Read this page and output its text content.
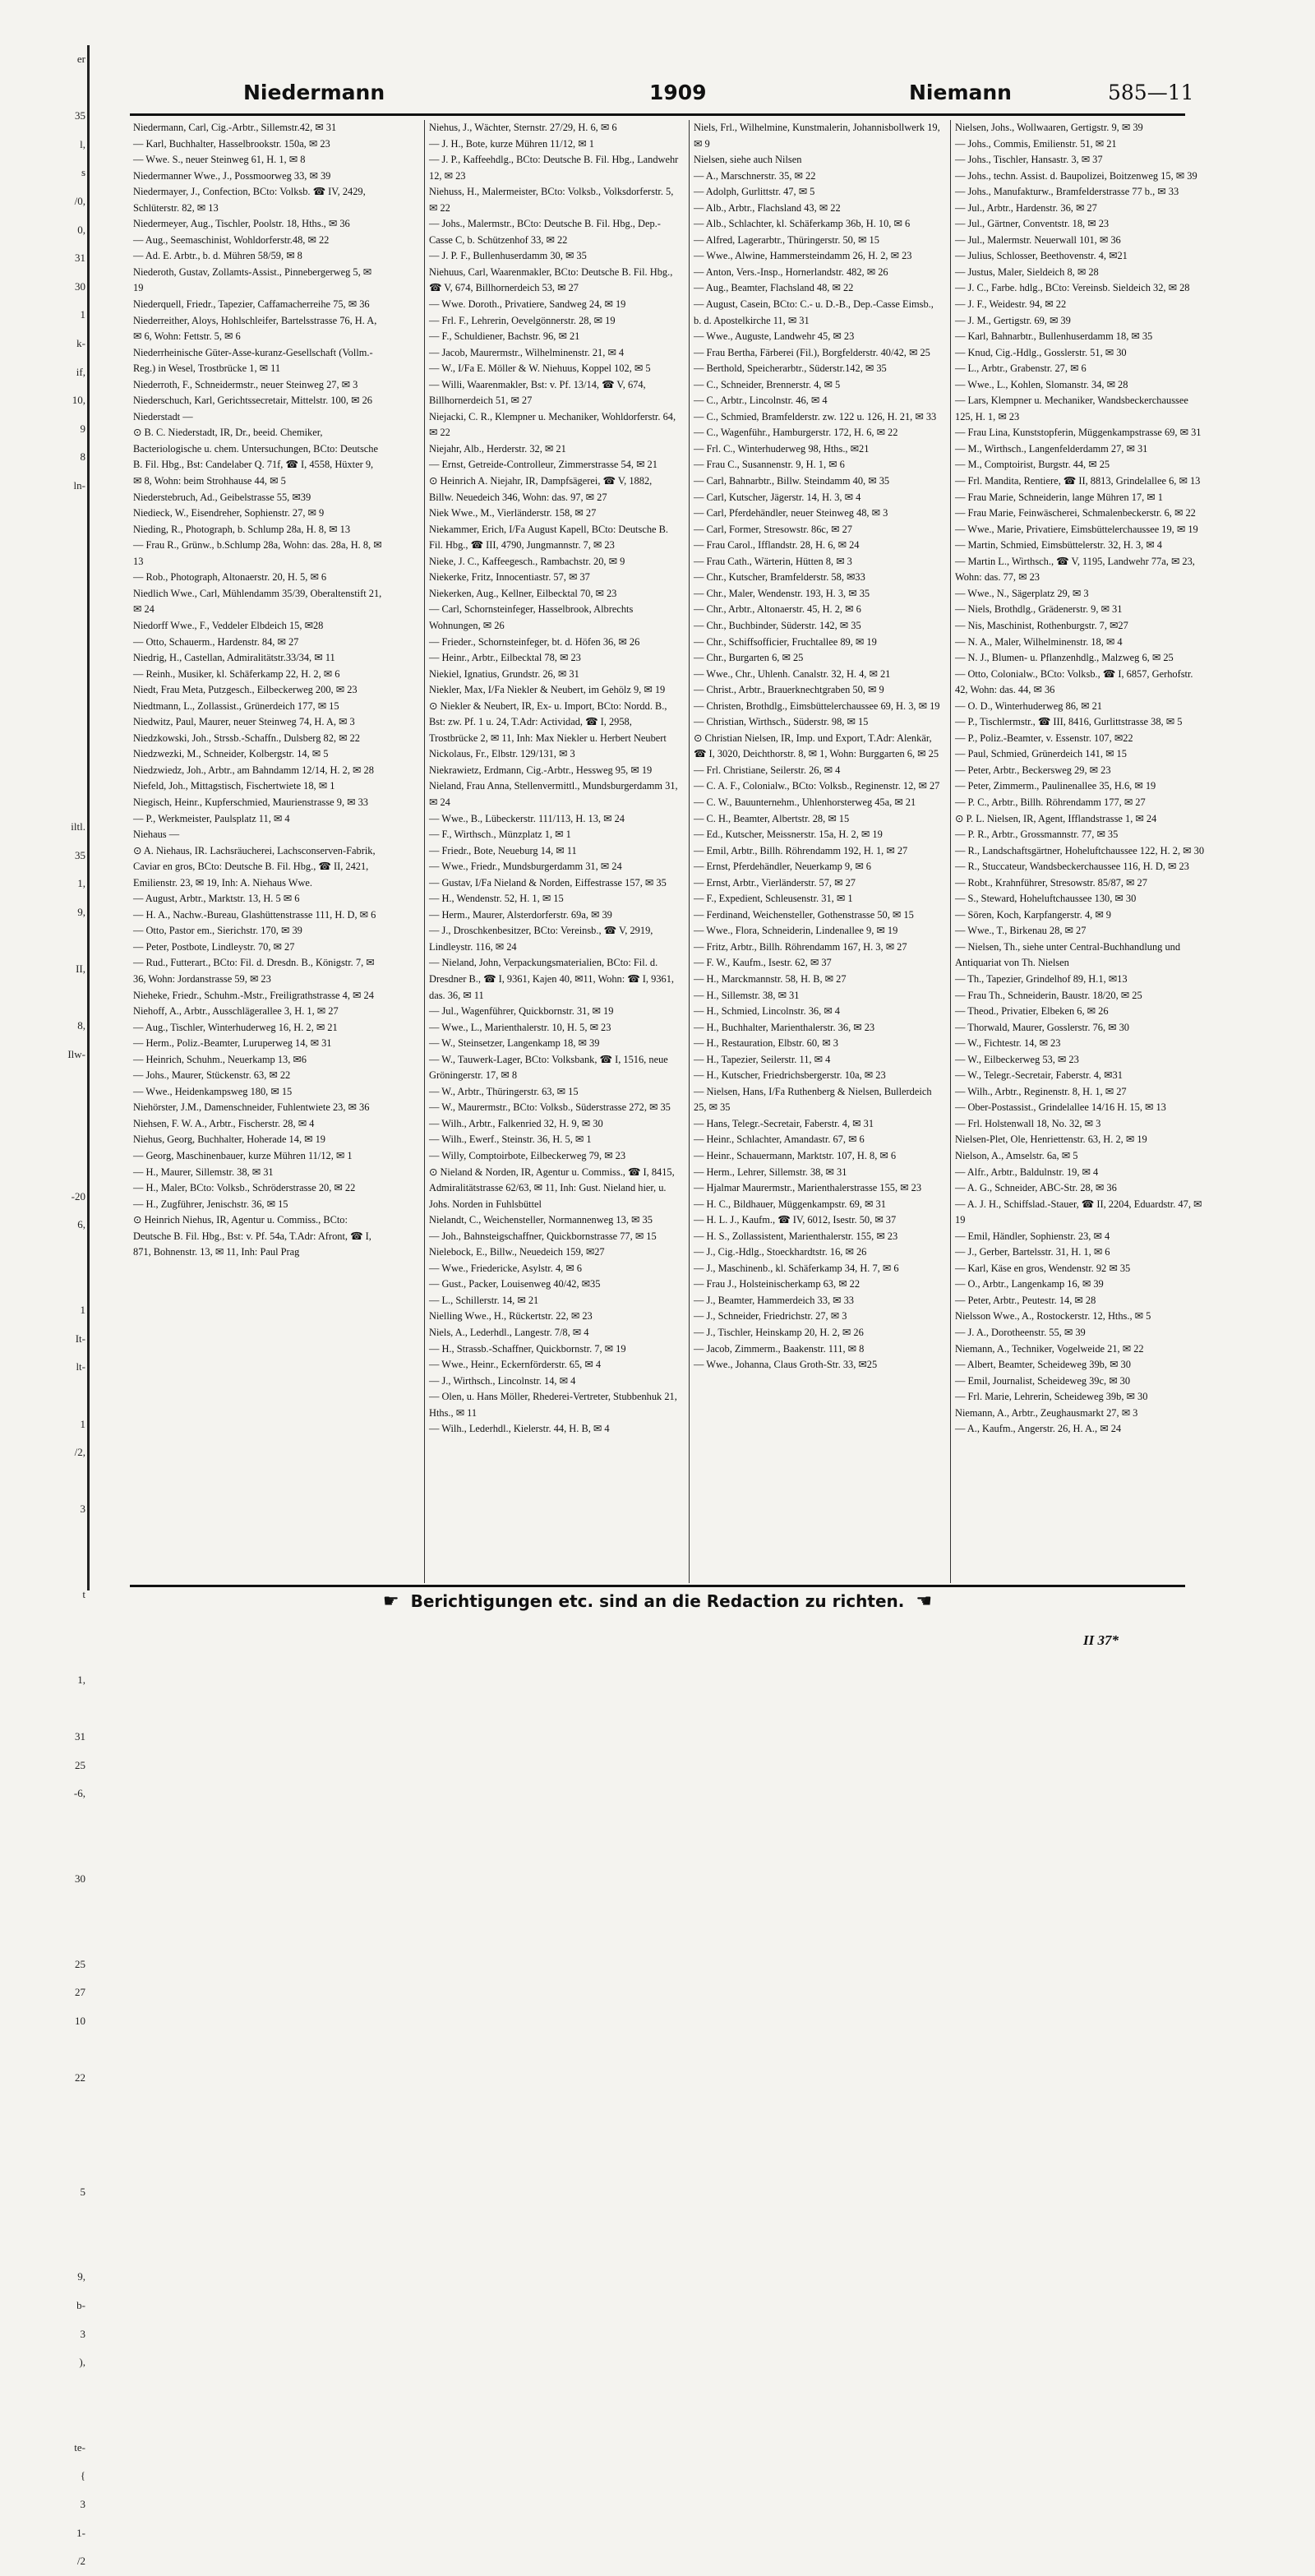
er

35
l,
s
/0,
0,
31
30
1
k-
if,
10,
9
8
ln-

iltl.
35
1,
9,

II,

8,
Ilw-

-20
6,

1
It-
lt-

1
/2,

3

t

1,

31
25
-6,

30

25
27
10

22

5

9,
b-
3
),

te-
{
3
1-
/2
Niedermann	1909	Niemann	585—11
Niedermann, Carl, Cig.-Arbtr., Sillemstr.42, ✉ 31
— Karl, Buchhalter, Hasselbrookstr. 150a, ✉ 23
— Wwe. S., neuer Steinweg 61, H. 1, ✉ 8
Niedermanner Wwe., J., Possmoorweg 33, ✉ 39
Niedermayer, J., Confection, BCto: Volksb. ☎ IV, 2429, Schlüterstr. 82, ✉ 13
Niedermeyer, Aug., Tischler, Poolstr. 18, Hths., ✉ 36
— Aug., Seemaschinist, Wohldorferstr.48, ✉ 22
— Ad. E. Arbtr., b. d. Mühren 58/59, ✉ 8
Niederoth, Gustav, Zollamts-Assist., Pinnebergerweg 5, ✉ 19
Niederquell, Friedr., Tapezier, Caffamacherreihe 75, ✉ 36
Niederreither, Aloys, Hohlschleifer, Bartelsstrasse 76, H. A, ✉ 6, Wohn: Fettstr. 5, ✉ 6
Niederrheinische Güter-Asse-kuranz-Gesellschaft (Vollm.-Reg.) in Wesel, Trostbrücke 1, ✉ 11
Niederroth, F., Schneidermstr., neuer Steinweg 27, ✉ 3
Niederschuch, Karl, Gerichtssecretair, Mittelstr. 100, ✉ 26
Niederstadt —
⊙ B. C. Niederstadt, IR, Dr., beeid. Chemiker, Bacteriologische u. chem. Untersuchungen, BCto: Deutsche B. Fil. Hbg., Bst: Candelaber Q. 71f, ☎ I, 4558, Hüxter 9, ✉ 8, Wohn: beim Strohhause 44, ✉ 5
Niederstebruch, Ad., Geibelstrasse 55, ✉39
Niedieck, W., Eisendreher, Sophienstr. 27, ✉ 9
Nieding, R., Photograph, b. Schlump 28a, H. 8, ✉ 13
— Frau R., Grünw., b.Schlump 28a, Wohn: das. 28a, H. 8, ✉ 13
— Rob., Photograph, Altonaerstr. 20, H. 5, ✉ 6
Niedlich Wwe., Carl, Mühlendamm 35/39, Oberaltenstift 21, ✉ 24
Niedorff Wwe., F., Veddeler Elbdeich 15, ✉28
— Otto, Schauerm., Hardenstr. 84, ✉ 27
Niedrig, H., Castellan, Admiralitätstr.33/34, ✉ 11
— Reinh., Musiker, kl. Schäferkamp 22, H. 2, ✉ 6
Niedt, Frau Meta, Putzgesch., Eilbeckerweg 200, ✉ 23
Niedtmann, L., Zollassist., Grünerdeich 177, ✉ 15
Niedwitz, Paul, Maurer, neuer Steinweg 74, H. A, ✉ 3
Niedzkowski, Joh., Strssb.-Schaffn., Dulsberg 82, ✉ 22
Niedzwezki, M., Schneider, Kolbergstr. 14, ✉ 5
Niedzwiedz, Joh., Arbtr., am Bahndamm 12/14, H. 2, ✉ 28
Niefeld, Joh., Mittagstisch, Fischertwiete 18, ✉ 1
Niegisch, Heinr., Kupferschmied, Maurienstrasse 9, ✉ 33
— P., Werkmeister, Paulsplatz 11, ✉ 4
Niehaus —
⊙ A. Niehaus, IR. Lachsräucherei, Lachsconserven-Fabrik, Caviar en gros, BCto: Deutsche B. Fil. Hbg., ☎ II, 2421, Emilienstr. 23, ✉ 19, Inh: A. Niehaus Wwe.
— August, Arbtr., Marktstr. 13, H. 5 ✉ 6
— H. A., Nachw.-Bureau, Glashüttenstrasse 111, H. D, ✉ 6
— Otto, Pastor em., Sierichstr. 170, ✉ 39
— Peter, Postbote, Lindleystr. 70, ✉ 27
— Rud., Futterart., BCto: Fil. d. Dresdn. B., Königstr. 7, ✉ 36, Wohn: Jordanstrasse 59, ✉ 23
Nieheke, Friedr., Schuhm.-Mstr., Freiligrathstrasse 4, ✉ 24
Niehoff, A., Arbtr., Ausschlägerallee 3, H. 1, ✉ 27
— Aug., Tischler, Winterhuderweg 16, H. 2, ✉ 21
— Herm., Poliz.-Beamter, Luruperweg 14, ✉ 31
— Heinrich, Schuhm., Neuerkamp 13, ✉6
— Johs., Maurer, Stückenstr. 63, ✉ 22
— Wwe., Heidenkampsweg 180, ✉ 15
Niehörster, J.M., Damenschneider, Fuhlentwiete 23, ✉ 36
Niehsen, F. W. A., Arbtr., Fischerstr. 28, ✉ 4
Niehus, Georg, Buchhalter, Hoheradе 14, ✉ 19
— Georg, Maschinenbauer, kurze Mühren 11/12, ✉ 1
— H., Maurer, Sillemstr. 38, ✉ 31
— H., Maler, BCto: Volksb., Schröderstrasse 20, ✉ 22
— H., Zugführer, Jenischstr. 36, ✉ 15
⊙ Heinrich Niehus, IR, Agentur u. Commiss., BCto: Deutsche B. Fil. Hbg., Bst: v. Pf. 54a, T.Adr: Afront, ☎ I, 871, Bohnenstr. 13, ✉ 11, Inh: Paul Prag
Niehus, J., Wächter, Sternstr. 27/29, H. 6, ✉ 6
— J. H., Bote, kurze Mühren 11/12, ✉ 1
— J. P., Kaffeehdlg., BCto: Deutsche B. Fil. Hbg., Landwehr 12, ✉ 23
Niehuss, H., Malermeister, BCto: Volksb., Volksdorferstr. 5, ✉ 22
— Johs., Malermstr., BCto: Deutsche B. Fil. Hbg., Dep.-Casse C, b. Schützenhof 33, ✉ 22
— J. P. F., Bullenhuserdamm 30, ✉ 35
Niehuus, Carl, Waarenmakler, BCto: Deutsche B. Fil. Hbg., ☎ V, 674, Billhornerdeich 53, ✉ 27
— Wwe. Doroth., Privatiere, Sandweg 24, ✉ 19
— Frl. F., Lehrerin, Oevelgönnerstr. 28, ✉ 19
— F., Schuldiener, Bachstr. 96, ✉ 21
— Jacob, Maurermstr., Wilhelminenstr. 21, ✉ 4
— W., I/Fa E. Möller & W. Niehuus, Koppel 102, ✉ 5
— Willi, Waarenmakler, Bst: v. Pf. 13/14, ☎ V, 674, Billhornerdeich 51, ✉ 27
Niejacki, C. R., Klempner u. Mechaniker, Wohldorferstr. 64, ✉ 22
Niejahr, Alb., Herderstr. 32, ✉ 21
— Ernst, Getreide-Controlleur, Zimmerstrasse 54, ✉ 21
⊙ Heinrich A. Niejahr, IR, Dampfsägerei, ☎ V, 1882, Billw. Neuedeich 346, Wohn: das. 97, ✉ 27
Niek Wwe., M., Vierländerstr. 158, ✉ 27
Niekammer, Erich, I/Fa August Kapell, BCto: Deutsche B. Fil. Hbg., ☎ III, 4790, Jungmannstr. 7, ✉ 23
Nieke, J. C., Kaffeegesch., Rambachstr. 20, ✉ 9
Niekerke, Fritz, Innocentiastr. 57, ✉ 37
Niekerken, Aug., Kellner, Eilbecktal 70, ✉ 23
— Carl, Schornsteinfeger, Hasselbrook, Albrechts Wohnungen, ✉ 26
— Frieder., Schornsteinfeger, bt. d. Höfen 36, ✉ 26
— Heinr., Arbtr., Eilbecktal 78, ✉ 23
Niekiel, Ignatius, Grundstr. 26, ✉ 31
Niekler, Max, I/Fa Niekler & Neubert, im Gehölz 9, ✉ 19
⊙ Niekler & Neubert, IR, Ex- u. Import, BCto: Nordd. B., Bst: zw. Pf. 1 u. 24, T.Adr: Actividad, ☎ I, 2958, Trostbrücke 2, ✉ 11, Inh: Max Niekler u. Herbert Neubert
Nickolaus, Fr., Elbstr. 129/131, ✉ 3
Niekrawietz, Erdmann, Cig.-Arbtr., Hessweg 95, ✉ 19
Nieland, Frau Anna, Stellenvermittl., Mundsburgerdamm 31, ✉ 24
— Wwe., B., Lübeckerstr. 111/113, H. 13, ✉ 24
— F., Wirthsch., Münzplatz 1, ✉ 1
— Friedr., Bote, Neueburg 14, ✉ 11
— Wwe., Friedr., Mundsburgerdamm 31, ✉ 24
— Gustav, I/Fa Nieland & Norden, Eiffestrasse 157, ✉ 35
— H., Wendenstr. 52, H. 1, ✉ 15
— Herm., Maurer, Alsterdorferstr. 69a, ✉ 39
— J., Droschkenbesitzer, BCto: Vereinsb., ☎ V, 2919, Lindleystr. 116, ✉ 24
— Nieland, John, Verpackungsmaterialien, BCto: Fil. d. Dresdner B., ☎ I, 9361, Kajen 40, ✉11, Wohn: ☎ I, 9361, das. 36, ✉ 11
— Jul., Wagenführer, Quickbornstr. 31, ✉ 19
— Wwe., L., Marienthalerstr. 10, H. 5, ✉ 23
— W., Steinsetzer, Langenkamp 18, ✉ 39
— W., Tauwerk-Lager, BCto: Volksbank, ☎ I, 1516, neue Gröningerstr. 17, ✉ 8
— W., Arbtr., Thüringerstr. 63, ✉ 15
— W., Maurermstr., BCto: Volksb., Süderstrasse 272, ✉ 35
— Wilh., Arbtr., Falkenried 32, H. 9, ✉ 30
— Wilh., Ewerf., Steinstr. 36, H. 5, ✉ 1
— Willy, Comptoirbote, Eilbeckerweg 79, ✉ 23
⊙ Nieland & Norden, IR, Agentur u. Commiss., ☎ I, 8415, Admiralitätstrasse 62/63, ✉ 11, Inh: Gust. Nieland hier, u. Johs. Norden in Fuhlsbüttel
Nielandt, C., Weichensteller, Normannenweg 13, ✉ 35
— Joh., Bahnsteigschaffner, Quickbornstrasse 77, ✉ 15
Nielebock, E., Billw., Neuedeich 159, ✉27
— Wwe., Friedericke, Asylstr. 4, ✉ 6
— Gust., Packer, Louisenweg 40/42, ✉35
— L., Schillerstr. 14, ✉ 21
Nielling Wwe., H., Rückertstr. 22, ✉ 23
Niels, A., Lederhdl., Langestr. 7/8, ✉ 4
— H., Strassb.-Schaffner, Quickbornstr. 7, ✉ 19
— Wwe., Heinr., Eckernförderstr. 65, ✉ 4
— J., Wirthsch., Lincolnstr. 14, ✉ 4
— Olen, u. Hans Möller, Rhederei-Vertreter, Stubbenhuk 21, Hths., ✉ 11
— Wilh., Lederhdl., Kielerstr. 44, H. B, ✉ 4
Niels, Frl., Wilhelmine, Kunstmalerin, Johannisbollwerk 19, ✉ 9
Nielsen, siehe auch Nilsen
— A., Marschnerstr. 35, ✉ 22
— Adolph, Gurlittstr. 47, ✉ 5
— Alb., Arbtr., Flachsland 43, ✉ 22
— Alb., Schlachter, kl. Schäferkamp 36b, H. 10, ✉ 6
— Alfred, Lagerarbtr., Thüringerstr. 50, ✉ 15
— Wwe., Alwine, Hammersteindamm 26, H. 2, ✉ 23
— Anton, Vers.-Insp., Hornerlandstr. 482, ✉ 26
— Aug., Beamter, Flachsland 48, ✉ 22
— August, Casein, BCto: C.- u. D.-B., Dep.-Casse Eimsb., b. d. Apostelkirche 11, ✉ 31
— Wwe., Auguste, Landwehr 45, ✉ 23
— Frau Bertha, Färberei (Fil.), Borgfelderstr. 40/42, ✉ 25
— Berthold, Speicherarbtr., Süderstr.142, ✉ 35
— C., Schneider, Brennerstr. 4, ✉ 5
— C., Arbtr., Lincolnstr. 46, ✉ 4
— C., Schmied, Bramfelderstr. zw. 122 u. 126, H. 21, ✉ 33
— C., Wagenführ., Hamburgerstr. 172, H. 6, ✉ 22
— Frl. C., Winterhuderweg 98, Hths., ✉21
— Frau C., Susannenstr. 9, H. 1, ✉ 6
— Carl, Bahnarbtr., Billw. Steindamm 40, ✉ 35
— Carl, Kutscher, Jägerstr. 14, H. 3, ✉ 4
— Carl, Pferdehändler, neuer Steinweg 48, ✉ 3
— Carl, Former, Stresowstr. 86c, ✉ 27
— Frau Carol., Ifflandstr. 28, H. 6, ✉ 24
— Frau Cath., Wärterin, Hütten 8, ✉ 3
— Chr., Kutscher, Bramfelderstr. 58, ✉33
— Chr., Maler, Wendenstr. 193, H. 3, ✉ 35
— Chr., Arbtr., Altonaerstr. 45, H. 2, ✉ 6
— Chr., Buchbinder, Süderstr. 142, ✉ 35
— Chr., Schiffsofficier, Fruchtallee 89, ✉ 19
— Chr., Burgarten 6, ✉ 25
— Wwe., Chr., Uhlenh. Canalstr. 32, H. 4, ✉ 21
— Christ., Arbtr., Brauerknechtgraben 50, ✉ 9
— Christen, Brothdlg., Eimsbüttelerchaussee 69, H. 3, ✉ 19
— Christian, Wirthsch., Süderstr. 98, ✉ 15
⊙ Christian Nielsen, IR, Imp. und Export, T.Adr: Alenkär, ☎ I, 3020, Deichthorstr. 8, ✉ 1, Wohn: Burggarten 6, ✉ 25
— Frl. Christiane, Seilerstr. 26, ✉ 4
— C. A. F., Colonialw., BCto: Volksb., Reginenstr. 12, ✉ 27
— C. W., Bauunternehm., Uhlenhorsterweg 45a, ✉ 21
— C. H., Beamter, Albertstr. 28, ✉ 15
— Ed., Kutscher, Meissnerstr. 15a, H. 2, ✉ 19
— Emil, Arbtr., Billh. Röhrendamm 192, H. 1, ✉ 27
— Ernst, Pferdehändler, Neuerkamp 9, ✉ 6
— Ernst, Arbtr., Vierländerstr. 57, ✉ 27
— F., Expedient, Schleusenstr. 31, ✉ 1
— Ferdinand, Weichensteller, Gothenstrasse 50, ✉ 15
— Wwe., Flora, Schneiderin, Lindenallee 9, ✉ 19
— Fritz, Arbtr., Billh. Röhrendamm 167, H. 3, ✉ 27
— F. W., Kaufm., Isestr. 62, ✉ 37
— H., Marckmannstr. 58, H. B, ✉ 27
— H., Sillemstr. 38, ✉ 31
— H., Schmied, Lincolnstr. 36, ✉ 4
— H., Buchhalter, Marienthalerstr. 36, ✉ 23
— H., Restauration, Elbstr. 60, ✉ 3
— H., Tapezier, Seilerstr. 11, ✉ 4
— H., Kutscher, Friedrichsbergerstr. 10a, ✉ 23
— Nielsen, Hans, I/Fa Ruthenberg & Nielsen, Bullerdeich 25, ✉ 35
— Hans, Telegr.-Secretair, Faberstr. 4, ✉ 31
— Heinr., Schlachter, Amandastr. 67, ✉ 6
— Heinr., Schauermann, Marktstr. 107, H. 8, ✉ 6
— Herm., Lehrer, Sillemstr. 38, ✉ 31
— Hjalmar Maurermstr., Marienthalerstrasse 155, ✉ 23
— H. C., Bildhauer, Müggenkampstr. 69, ✉ 31
— H. L. J., Kaufm., ☎ IV, 6012, Isestr. 50, ✉ 37
— H. S., Zollassistent, Marienthalerstr. 155, ✉ 23
— J., Cig.-Hdlg., Stoeckhardtstr. 16, ✉ 26
— J., Maschinenb., kl. Schäferkamp 34, H. 7, ✉ 6
— Frau J., Holsteinischerkamp 63, ✉ 22
— J., Beamter, Hammerdeich 33, ✉ 33
— J., Schneider, Friedrichstr. 27, ✉ 3
— J., Tischler, Heinskamp 20, H. 2, ✉ 26
— Jacob, Zimmerm., Baakenstr. 111, ✉ 8
— Wwe., Johanna, Claus Groth-Str. 33, ✉25
Nielsen, Johs., Wollwaaren, Gertigstr. 9, ✉ 39
— Johs., Commis, Emilienstr. 51, ✉ 21
— Johs., Tischler, Hansastr. 3, ✉ 37
— Johs., techn. Assist. d. Baupolizei, Boitzenweg 15, ✉ 39
— Johs., Manufakturw., Bramfelderstrasse 77 b., ✉ 33
— Jul., Arbtr., Hardenstr. 36, ✉ 27
— Jul., Gärtner, Conventstr. 18, ✉ 23
— Jul., Malermstr. Neuerwall 101, ✉ 36
— Julius, Schlosser, Beethovenstr. 4, ✉21
— Justus, Maler, Sieldeich 8, ✉ 28
— J. C., Farbe. hdlg., BCto: Vereinsb. Sieldeich 32, ✉ 28
— J. F., Weidestr. 94, ✉ 22
— J. M., Gertigstr. 69, ✉ 39
— Karl, Bahnarbtr., Bullenhuserdamm 18, ✉ 35
— Knud, Cig.-Hdlg., Gosslerstr. 51, ✉ 30
— L., Arbtr., Grabenstr. 27, ✉ 6
— Wwe., L., Kohlen, Slomanstr. 34, ✉ 28
— Lars, Klempner u. Mechaniker, Wandsbeckerchaussee 125, H. 1, ✉ 23
— Frau Lina, Kunststopferin, Müggenkampstrasse 69, ✉ 31
— M., Wirthsch., Langenfelderdamm 27, ✉ 31
— M., Comptoirist, Burgstr. 44, ✉ 25
— Frl. Mandita, Rentiere, ☎ II, 8813, Grindelallee 6, ✉ 13
— Frau Marie, Schneiderin, lange Mühren 17, ✉ 1
— Frau Marie, Feinwäscherei, Schmalenbeckerstr. 6, ✉ 22
— Wwe., Marie, Privatiere, Eimsbüttelerchaussee 19, ✉ 19
— Martin, Schmied, Eimsbüttelerstr. 32, H. 3, ✉ 4
— Martin L., Wirthsch., ☎ V, 1195, Landwehr 77a, ✉ 23, Wohn: das. 77, ✉ 23
— Wwe., N., Sägerplatz 29, ✉ 3
— Niels, Brothdlg., Grädenerstr. 9, ✉ 31
— Nis, Maschinist, Rothenburgstr. 7, ✉27
— N. A., Maler, Wilhelminenstr. 18, ✉ 4
— N. J., Blumen- u. Pflanzenhdlg., Malzweg 6, ✉ 25
— Otto, Colonialw., BCto: Volksb., ☎ I, 6857, Gerhofstr. 42, Wohn: das. 44, ✉ 36
— O. D., Winterhuderweg 86, ✉ 21
— P., Tischlermstr., ☎ III, 8416, Gurlittstrasse 38, ✉ 5
— P., Poliz.-Beamter, v. Essenstr. 107, ✉22
— Paul, Schmied, Grünerdeich 141, ✉ 15
— Peter, Arbtr., Beckersweg 29, ✉ 23
— Peter, Zimmerm., Paulinenallee 35, H.6, ✉ 19
— P. C., Arbtr., Billh. Röhrendamm 177, ✉ 27
⊙ P. L. Nielsen, IR, Agent, Ifflandstrasse 1, ✉ 24
— P. R., Arbtr., Grossmannstr. 77, ✉ 35
— R., Landschaftsgärtner, Hoheluftchaussee 122, H. 2, ✉ 30
— R., Stuccateur, Wandsbeckerchaussee 116, H. D, ✉ 23
— Robt., Krahnführer, Stresowstr. 85/87, ✉ 27
— S., Steward, Hoheluftchaussee 130, ✉ 30
— Sören, Koch, Karpfangerstr. 4, ✉ 9
— Wwe., T., Birkenau 28, ✉ 27
— Nielsen, Th., siehe unter Central-Buchhandlung und Antiquariat von Th. Nielsen
— Th., Tapezier, Grindelhof 89, H.1, ✉13
— Frau Th., Schneiderin, Baustr. 18/20, ✉ 25
— Theod., Privatier, Elbeken 6, ✉ 26
— Thorwald, Maurer, Gosslerstr. 76, ✉ 30
— W., Fichtestr. 14, ✉ 23
— W., Eilbeckerweg 53, ✉ 23
— W., Telegr.-Secretair, Faberstr. 4, ✉31
— Wilh., Arbtr., Reginenstr. 8, H. 1, ✉ 27
— Ober-Postassist., Grindelallee 14/16 H. 15, ✉ 13
— Frl. Holstenwall 18, No. 32, ✉ 3
Nielsen-Plet, Ole, Henriettenstr. 63, H. 2, ✉ 19
Nielson, A., Amselstr. 6a, ✉ 5
— Alfr., Arbtr., Baldulnstr. 19, ✉ 4
— A. G., Schneider, ABC-Str. 28, ✉ 36
— A. J. H., Schiffslad.-Stauer, ☎ II, 2204, Eduardstr. 47, ✉ 19
— Emil, Händler, Sophienstr. 23, ✉ 4
— J., Gerber, Bartelsstr. 31, H. 1, ✉ 6
— Karl, Käse en gros, Wendenstr. 92 ✉ 35
— O., Arbtr., Langenkamp 16, ✉ 39
— Peter, Arbtr., Peutestr. 14, ✉ 28
Nielsson Wwe., A., Rostockerstr. 12, Hths., ✉ 5
— J. A., Dorotheenstr. 55, ✉ 39
Niemann, A., Techniker, Vogelweide 21, ✉ 22
— Albert, Beamter, Scheideweg 39b, ✉ 30
— Emil, Journalist, Scheideweg 39c, ✉ 30
— Frl. Marie, Lehrerin, Scheideweg 39b, ✉ 30
Niemann, A., Arbtr., Zeughausmarkt 27, ✉ 3
— A., Kaufm., Angerstr. 26, H. A., ✉ 24
☛ Berichtigungen etc. sind an die Redaction zu richten. ☚
II 37*
